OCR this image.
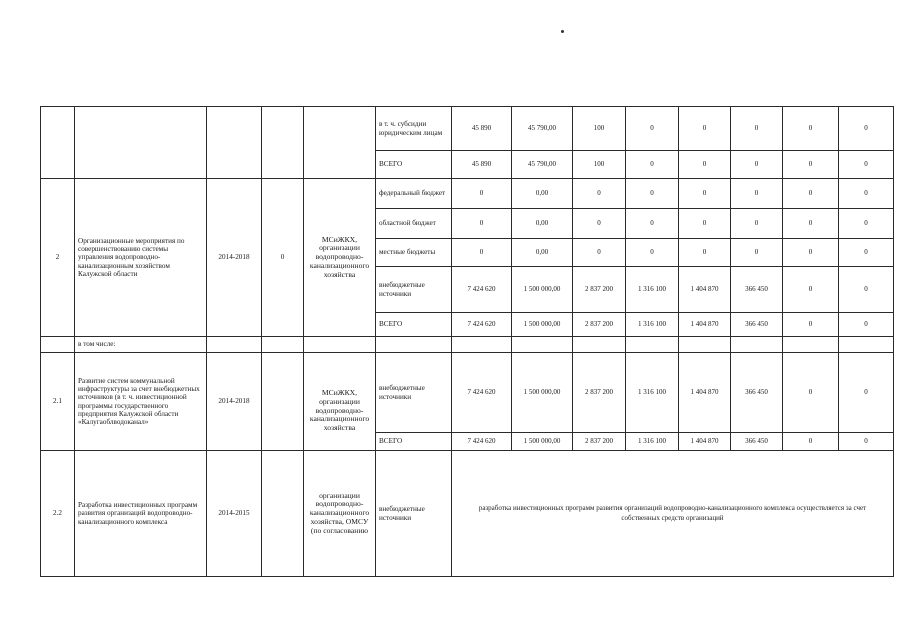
					в т. ч. субсидии юридическим лицам	45 890	45 790,00	100	0	0	0	0	0
					ВСЕГО	45 890	45 790,00	100	0	0	0	0	0
2	Организационные мероприятия по совершенствованию системы управления водопроводно-канализационным хозяйством Калужской области	2014-2018	0	МСиЖКХ, организации водопроводно-канализационного хозяйства	федеральный бюджет	0	0,00	0	0	0	0	0	0
					областной бюджет	0	0,00	0	0	0	0	0	0
					местные бюджеты	0	0,00	0	0	0	0	0	0
					внебюджетные источники	7 424 620	1 500 000,00	2 837 200	1 316 100	1 404 870	366 450	0	0
					ВСЕГО	7 424 620	1 500 000,00	2 837 200	1 316 100	1 404 870	366 450	0	0
	в том числе:												
2.1	Развитие систем коммунальной инфраструктуры за счет внебюджетных источников (в т. ч. инвестиционной программы государственного предприятия Калужской области «Калугаоблводоканал»	2014-2018		МСиЖКХ, организации водопроводно-канализационного хозяйства	внебюджетные источники	7 424 620	1 500 000,00	2 837 200	1 316 100	1 404 870	366 450	0	0
					ВСЕГО	7 424 620	1 500 000,00	2 837 200	1 316 100	1 404 870	366 450	0	0
2.2	Разработка инвестиционных программ развития организаций водопроводно-канализационного комплекса	2014-2015		организации водопроводно-канализационного хозяйства, ОМСУ (по согласованию	внебюджетные источники	разработка инвестиционных программ развития организаций водопроводно-канализационного комплекса осуществляется за счет собственных средств организаций							
